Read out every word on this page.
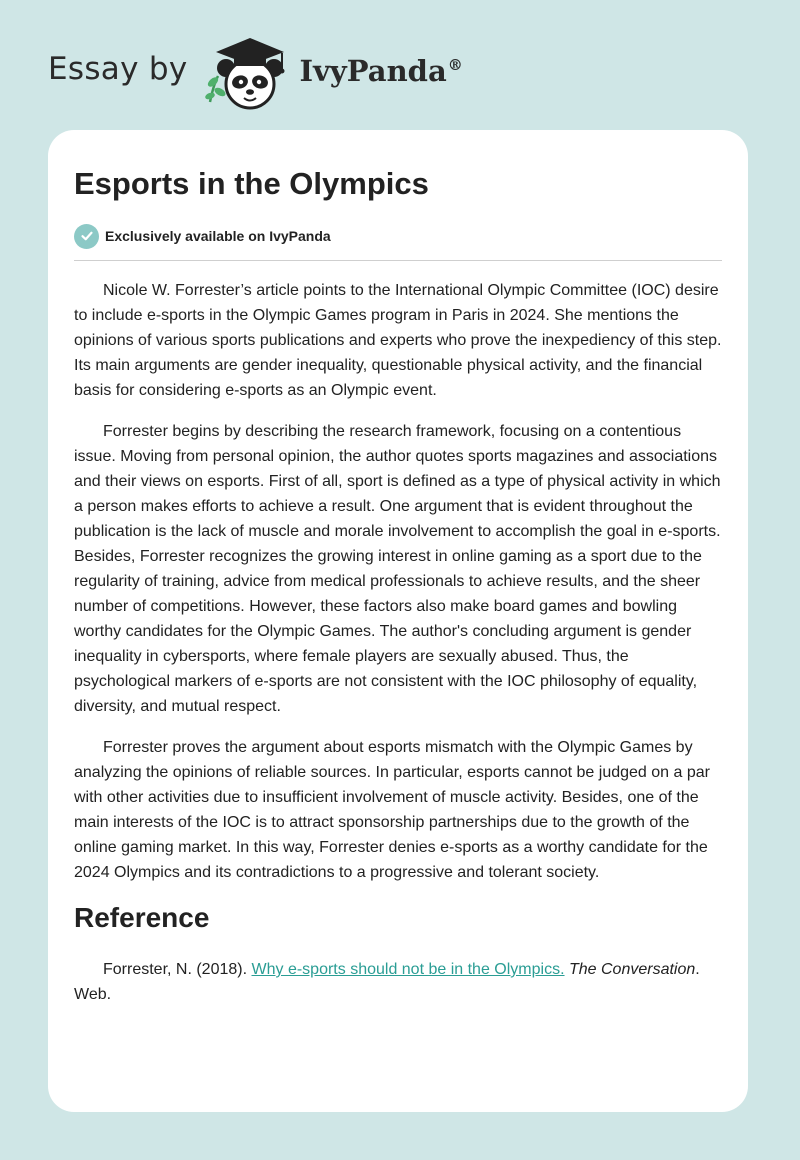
Essay by	IvyPanda®
Esports in the Olympics
Exclusively available on IvyPanda

Nicole W. Forrester’s article points to the International Olympic Committee (IOC) desire to include e-sports in the Olympic Games program in Paris in 2024. She mentions the opinions of various sports publications and experts who prove the inexpediency of this step. Its main arguments are gender inequality, questionable physical activity, and the financial basis for considering e-sports as an Olympic event.

Forrester begins by describing the research framework, focusing on a contentious issue. Moving from personal opinion, the author quotes sports magazines and associations and their views on esports. First of all, sport is defined as a type of physical activity in which a person makes efforts to achieve a result. One argument that is evident throughout the publication is the lack of muscle and morale involvement to accomplish the goal in e-sports. Besides, Forrester recognizes the growing interest in online gaming as a sport due to the regularity of training, advice from medical professionals to achieve results, and the sheer number of competitions. However, these factors also make board games and bowling worthy candidates for the Olympic Games. The author's concluding argument is gender inequality in cybersports, where female players are sexually abused. Thus, the psychological markers of e-sports are not consistent with the IOC philosophy of equality, diversity, and mutual respect.

Forrester proves the argument about esports mismatch with the Olympic Games by analyzing the opinions of reliable sources. In particular, esports cannot be judged on a par with other activities due to insufficient involvement of muscle activity. Besides, one of the main interests of the IOC is to attract sponsorship partnerships due to the growth of the online gaming market. In this way, Forrester denies e-sports as a worthy candidate for the 2024 Olympics and its contradictions to a progressive and tolerant society.

Reference

Forrester, N. (2018). Why e-sports should not be in the Olympics. The Conversation. Web.
